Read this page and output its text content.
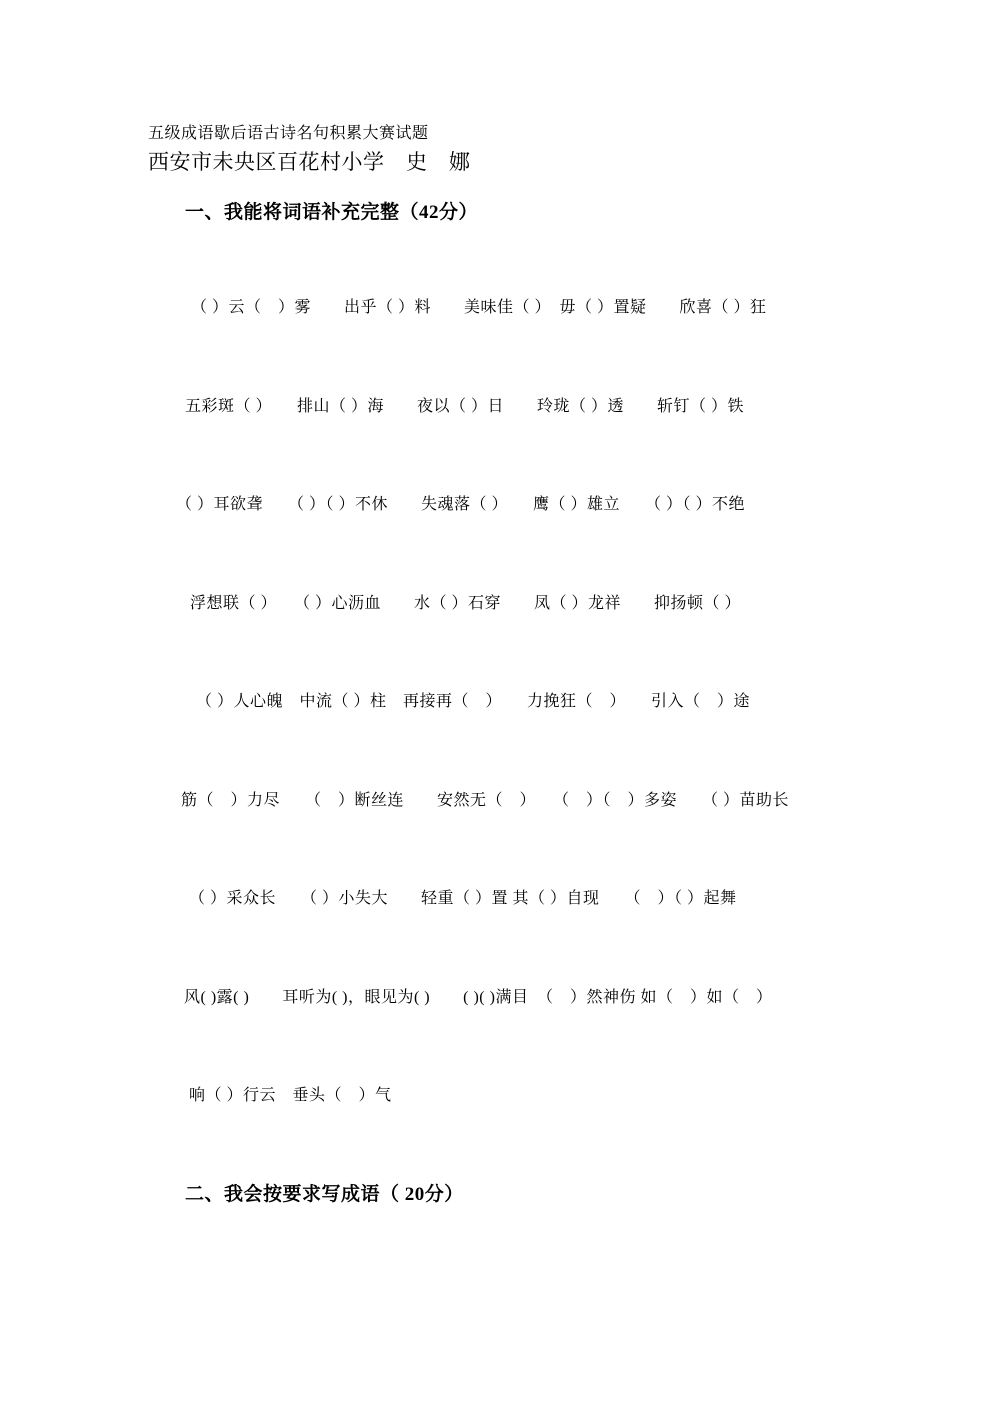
五级成语歇后语古诗名句积累大赛试题
西安市未央区百花村小学　史　娜
一、我能将词语补充完整（42分）
（ ）云（　）雾　　出乎（ ）料　　美味佳（ ）　毋（ ）置疑　　欣喜（ ）狂
五彩斑（ ）　　排山（ ）海　　夜以（ ）日　　玲珑（ ）透　　斩钉（ ）铁
（ ）耳欲聋　　（ ）（ ）不休　　失魂落（ ）　　鹰（ ）雄立　　（ ）（ ）不绝
浮想联（ ）　　（ ）心沥血　　水（ ）石穿　　凤（ ）龙祥　　抑扬顿（ ）
（ ）人心魄　中流（ ）柱　再接再（　）　　力挽狂（　）　　引入（　）途
筋（　）力尽　　（　）断丝连　　安然无（　）　　（　）（　）多姿　　（ ）苗助长
（ ）采众长　　（ ）小失大　　轻重（ ）置 其（ ）自现　　（　）（ ）起舞
风( )露( )　　耳听为( )，眼见为( )　　( )( )满目　（　）然神伤 如（　）如（　）
响（ ）行云　垂头（　）气
二、我会按要求写成语（ 20分）
